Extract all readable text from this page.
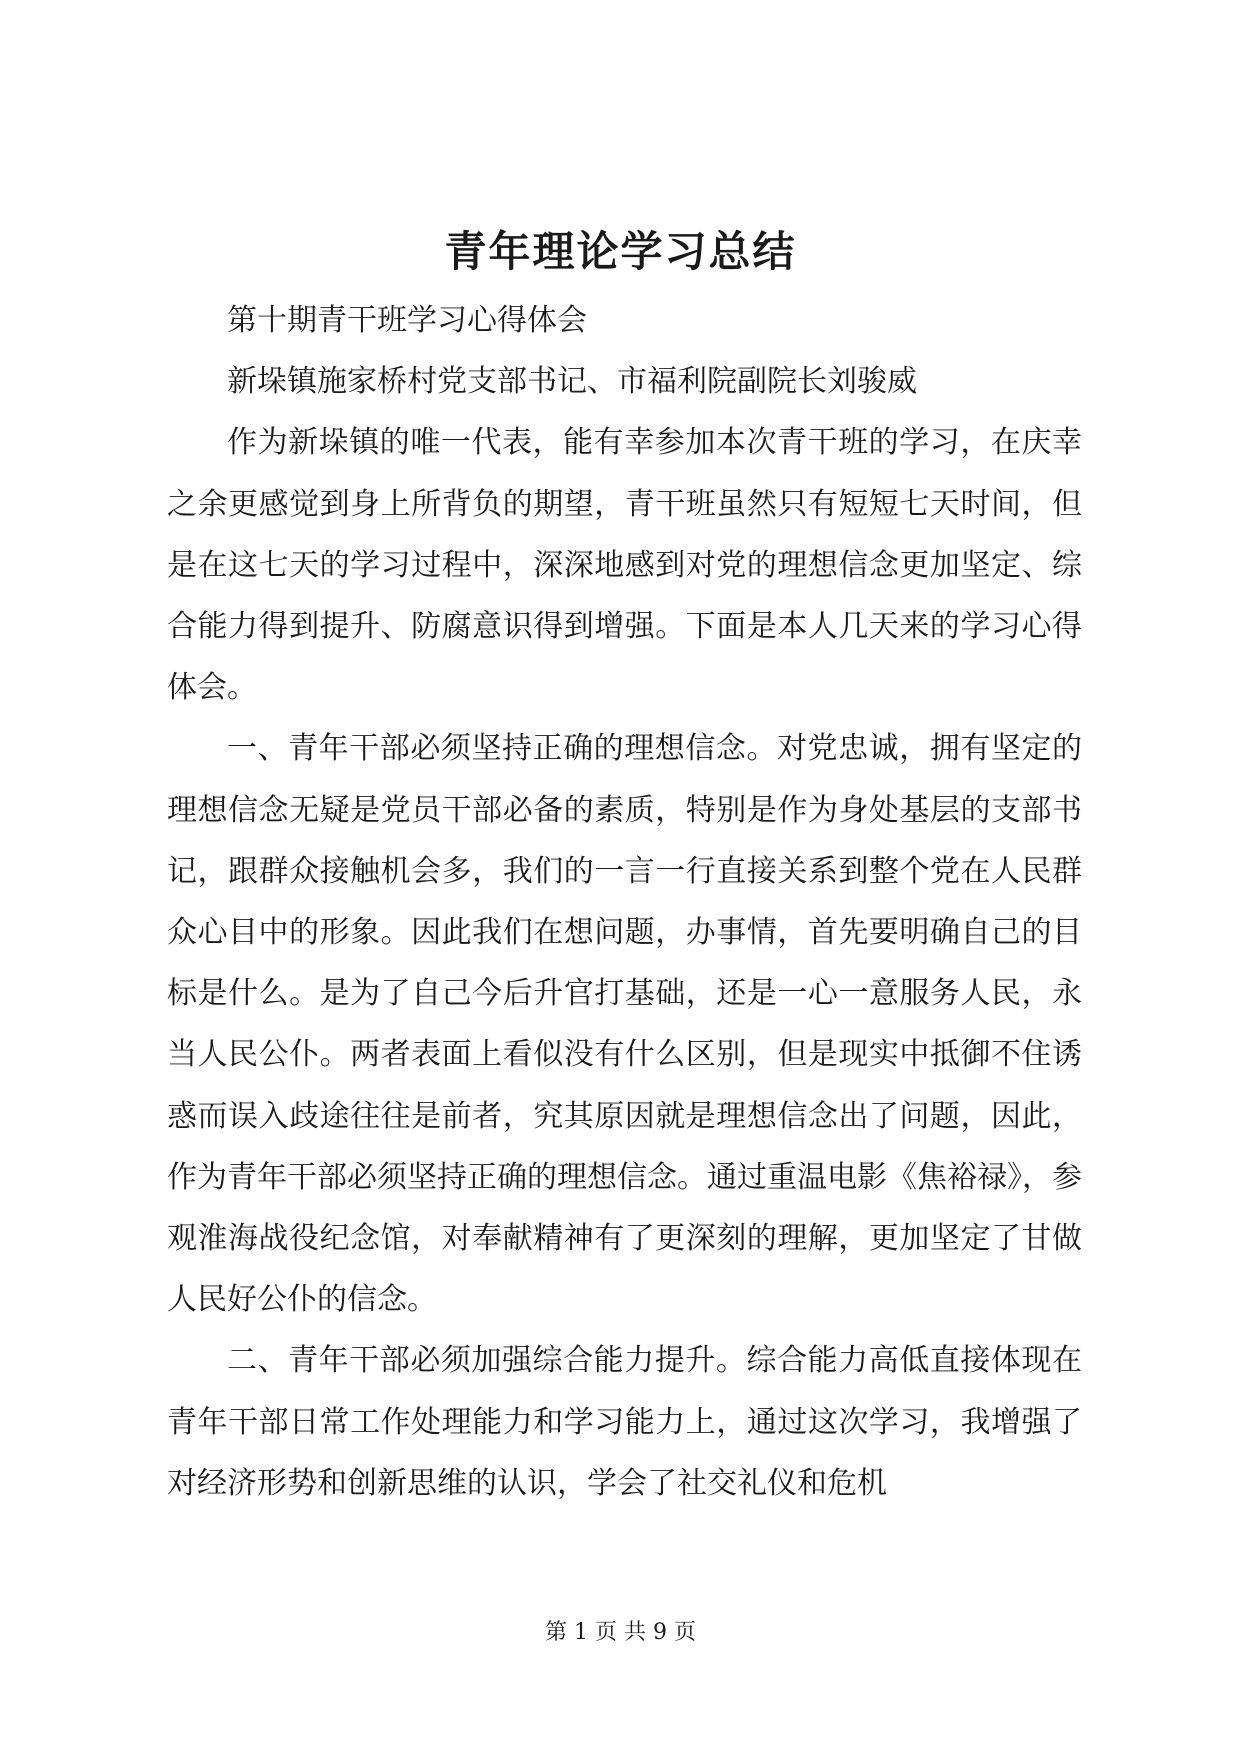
青年理论学习总结

第十期青干班学习心得体会

新垛镇施家桥村党支部书记、市福利院副院长刘骏威

作为新垛镇的唯一代表，能有幸参加本次青干班的学习，在庆幸之余更感觉到身上所背负的期望，青干班虽然只有短短七天时间，但是在这七天的学习过程中，深深地感到对党的理想信念更加坚定、综合能力得到提升、防腐意识得到增强。下面是本人几天来的学习心得体会。

一、青年干部必须坚持正确的理想信念。对党忠诚，拥有坚定的理想信念无疑是党员干部必备的素质，特别是作为身处基层的支部书记，跟群众接触机会多，我们的一言一行直接关系到整个党在人民群众心目中的形象。因此我们在想问题，办事情，首先要明确自己的目标是什么。是为了自己今后升官打基础，还是一心一意服务人民，永当人民公仆。两者表面上看似没有什么区别，但是现实中抵御不住诱惑而误入歧途往往是前者，究其原因就是理想信念出了问题，因此，作为青年干部必须坚持正确的理想信念。通过重温电影《焦裕禄》，参观淮海战役纪念馆，对奉献精神有了更深刻的理解，更加坚定了甘做人民好公仆的信念。

二、青年干部必须加强综合能力提升。综合能力高低直接体现在青年干部日常工作处理能力和学习能力上，通过这次学习，我增强了对经济形势和创新思维的认识，学会了社交礼仪和危机

第 1 页 共 9 页
